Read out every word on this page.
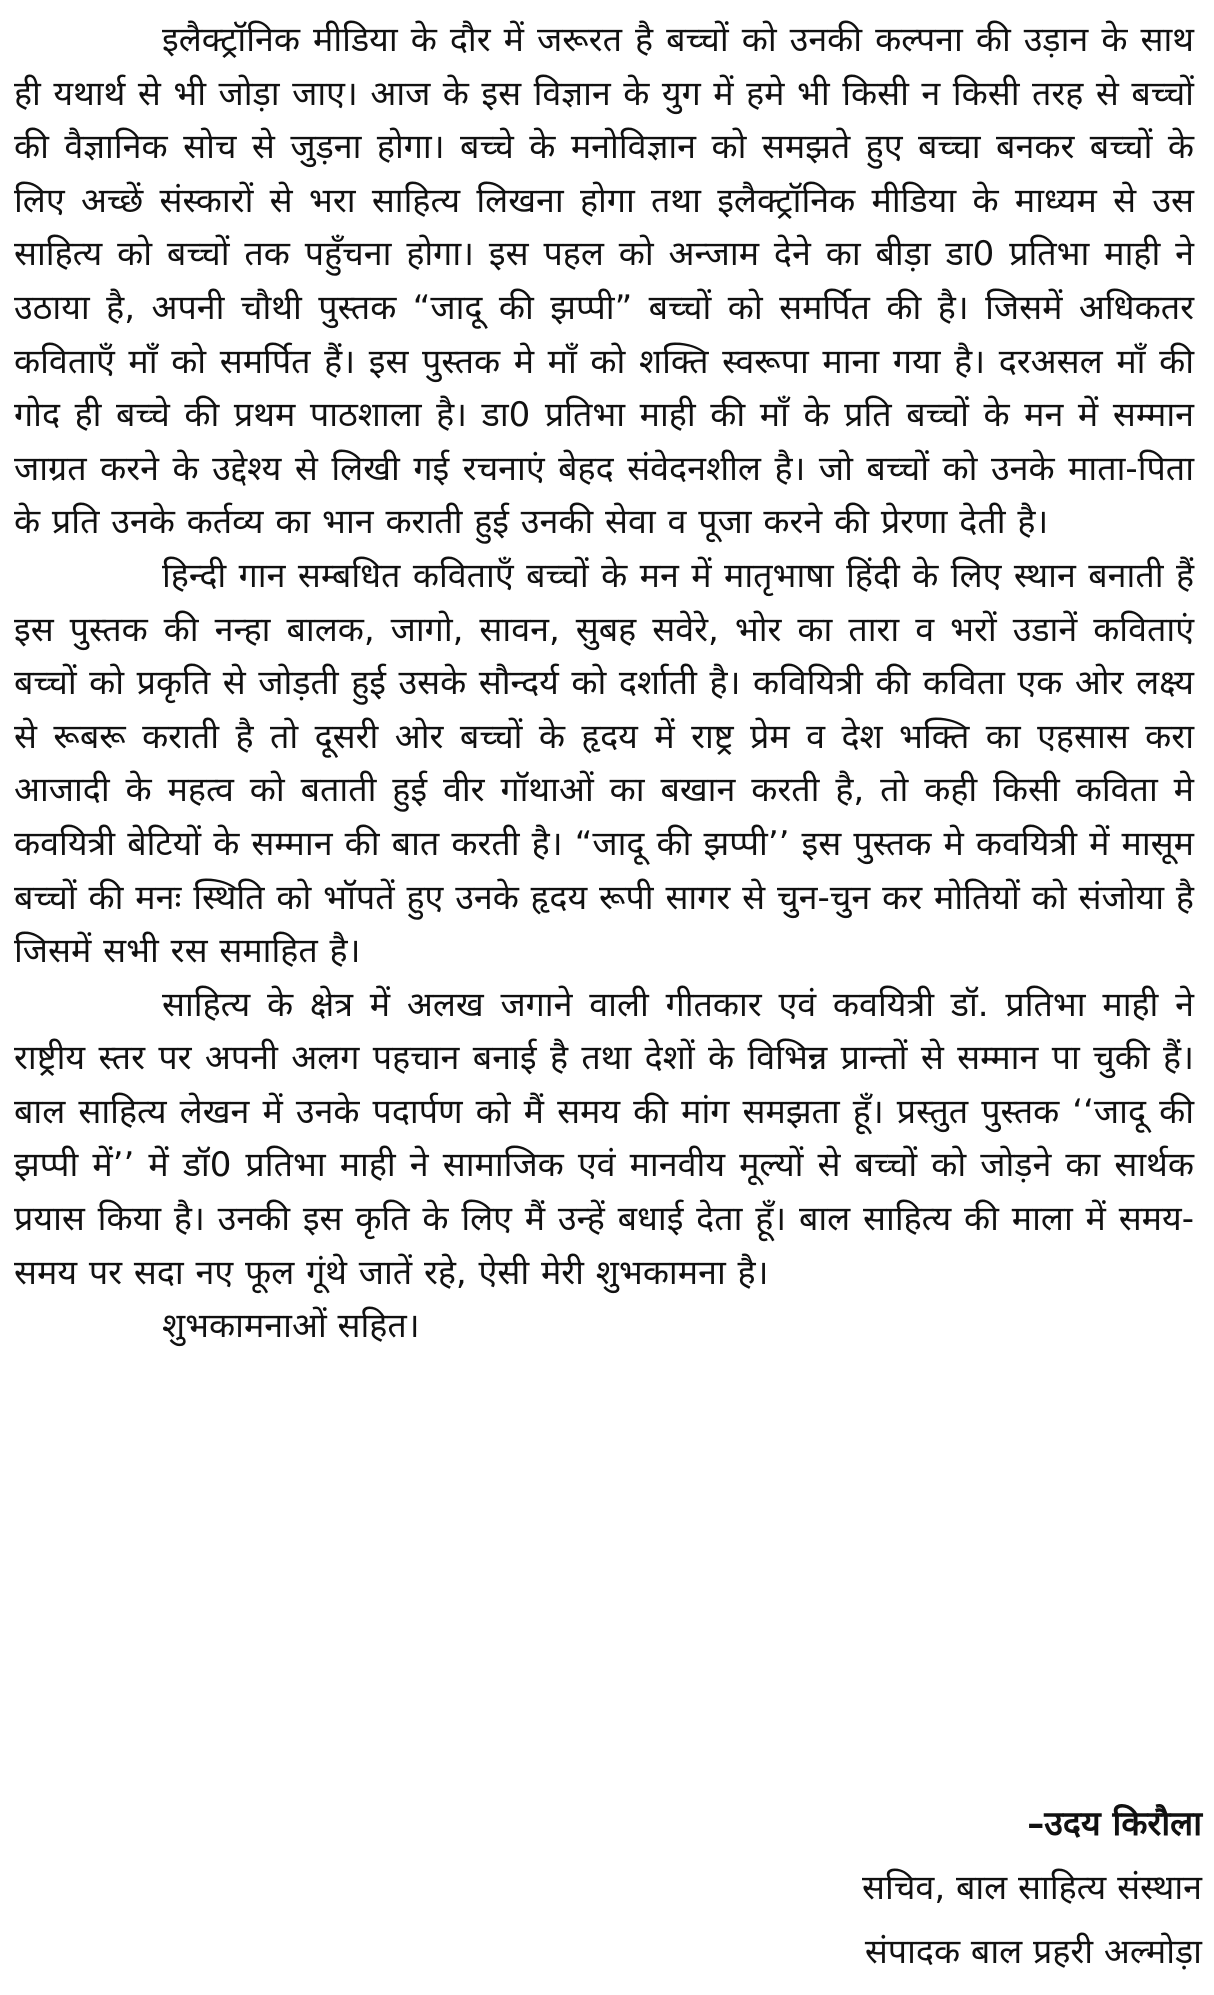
इलैक्ट्रॉनिक मीडिया के दौर में जरूरत है बच्चों को उनकी कल्पना की उड़ान के साथ ही यथार्थ से भी जोड़ा जाए। आज के इस विज्ञान के युग में हमे भी किसी न किसी तरह से बच्चों की वैज्ञानिक सोच से जुड़ना होगा। बच्चे के मनोविज्ञान को समझते हुए बच्चा बनकर बच्चों के लिए अच्छें संस्कारों से भरा साहित्य लिखना होगा तथा इलैक्ट्रॉनिक मीडिया के माध्यम से उस साहित्य को बच्चों तक पहुँचना होगा। इस पहल को अन्जाम देने का बीड़ा डा0 प्रतिभा माही ने उठाया है, अपनी चौथी पुस्तक “जादू की झप्पी” बच्चों को समर्पित की है। जिसमें अधिकतर कविताएँ माँ को समर्पित हैं। इस पुस्तक मे माँ को शक्ति स्वरूपा माना गया है। दरअसल माँ की गोद ही बच्चे की प्रथम पाठशाला है। डा0 प्रतिभा माही की माँ के प्रति बच्चों के मन में सम्मान जाग्रत करने के उद्देश्य से लिखी गई रचनाएं बेहद संवेदनशील है। जो बच्चों को उनके माता-पिता के प्रति उनके कर्तव्य का भान कराती हुई उनकी सेवा व पूजा करने की प्रेरणा देती है।

हिन्दी गान सम्बधित कविताएँ बच्चों के मन में मातृभाषा हिंदी के लिए स्थान बनाती हैं इस पुस्तक की नन्हा बालक, जागो, सावन, सुबह सवेरे, भोर का तारा व भरों उडानें कविताएं बच्चों को प्रकृति से जोड़ती हुई उसके सौन्दर्य को दर्शाती है। कवियित्री की कविता एक ओर लक्ष्य से रूबरू कराती है तो दूसरी ओर बच्चों के हृदय में राष्ट्र प्रेम व देश भक्ति का एहसास करा आजादी के महत्व को बताती हुई वीर गॉथाओं का बखान करती है, तो कही किसी कविता मे कवयित्री बेटियों के सम्मान की बात करती है। “जादू की झप्पी’’ इस पुस्तक मे कवयित्री में मासूम बच्चों की मनः स्थिति को भॉपतें हुए उनके हृदय रूपी सागर से चुन-चुन कर मोतियों को संजोया है जिसमें सभी रस समाहित है।

साहित्य के क्षेत्र में अलख जगाने वाली गीतकार एवं कवयित्री डॉ. प्रतिभा माही ने राष्ट्रीय स्तर पर अपनी अलग पहचान बनाई है तथा देशों के विभिन्न प्रान्तों से सम्मान पा चुकी हैं। बाल साहित्य लेखन में उनके पदार्पण को मैं समय की मांग समझता हूँ। प्रस्तुत पुस्तक ‘‘जादू की झप्पी में’’ में डॉ0 प्रतिभा माही ने सामाजिक एवं मानवीय मूल्यों से बच्चों को जोड़ने का सार्थक प्रयास किया है। उनकी इस कृति के लिए मैं उन्हें बधाई देता हूँ। बाल साहित्य की माला में समय-समय पर सदा नए फूल गूंथे जातें रहे, ऐसी मेरी शुभकामना है।

शुभकामनाओं सहित।

–उदय किरौला
सचिव, बाल साहित्य संस्थान
संपादक बाल प्रहरी अल्मोड़ा
